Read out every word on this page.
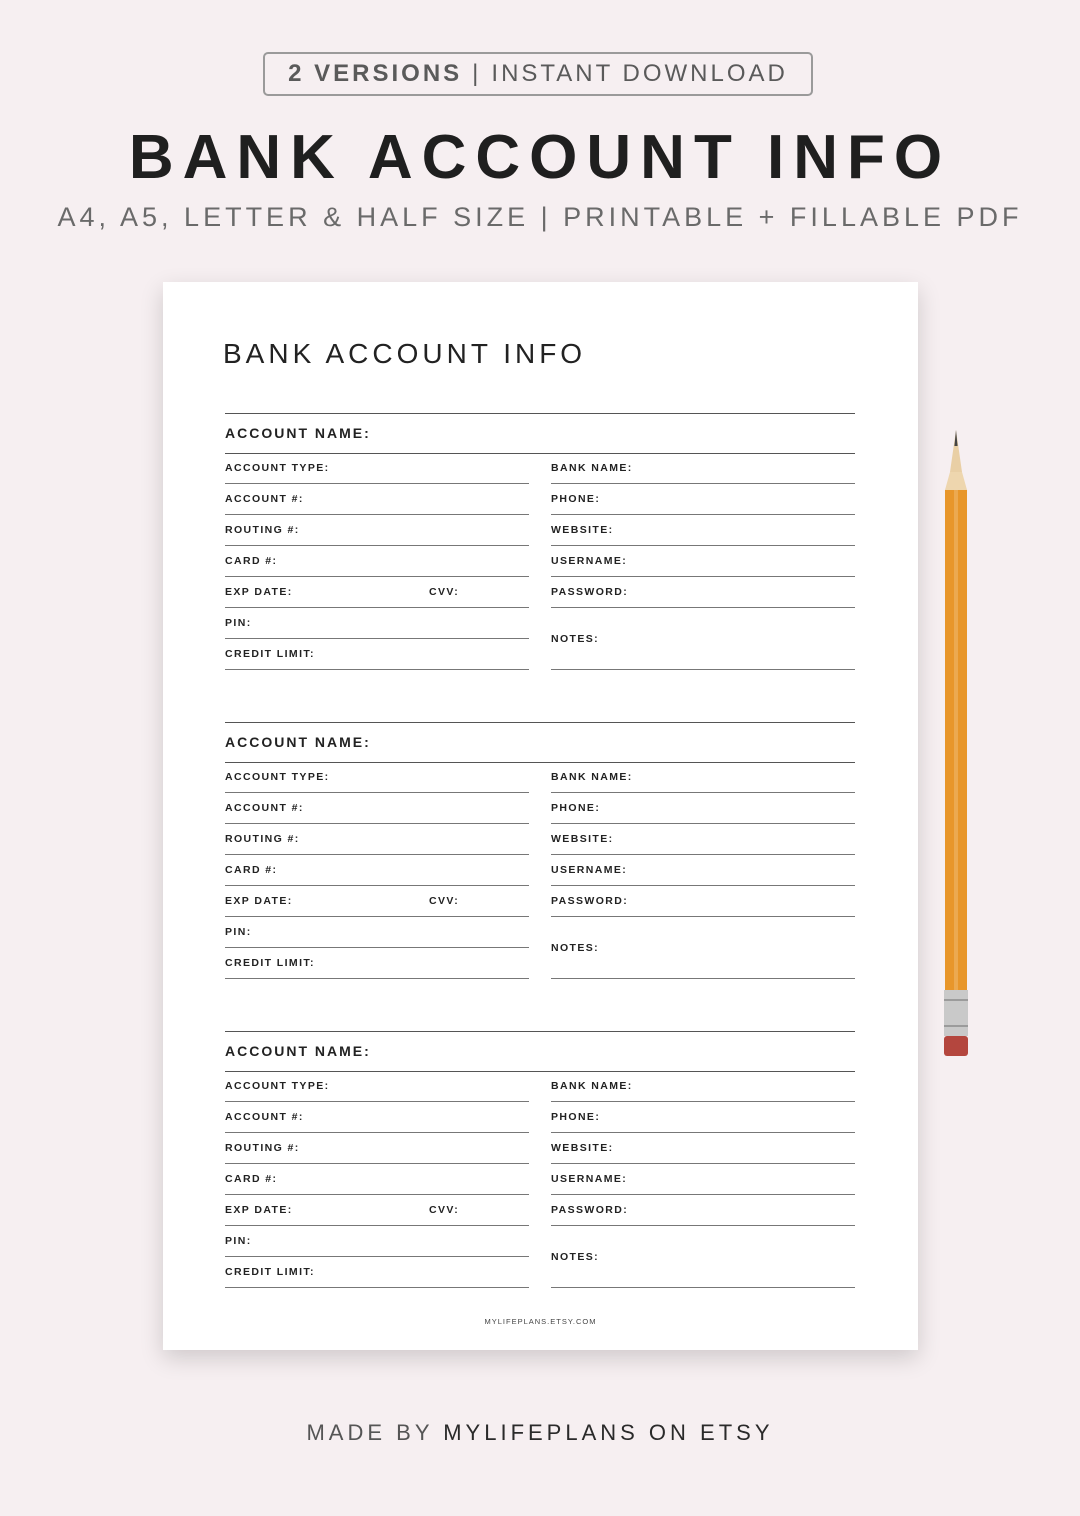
2 VERSIONS | INSTANT DOWNLOAD
BANK ACCOUNT INFO
A4, A5, LETTER & HALF SIZE | PRINTABLE + FILLABLE PDF
BANK ACCOUNT INFO
ACCOUNT NAME:
ACCOUNT TYPE:
ACCOUNT #:
ROUTING #:
CARD #:
EXP DATE:	CVV:
PIN:
CREDIT LIMIT:
BANK NAME:
PHONE:
WEBSITE:
USERNAME:
PASSWORD:
NOTES:
ACCOUNT NAME:
ACCOUNT TYPE:
ACCOUNT #:
ROUTING #:
CARD #:
EXP DATE:	CVV:
PIN:
CREDIT LIMIT:
BANK NAME:
PHONE:
WEBSITE:
USERNAME:
PASSWORD:
NOTES:
ACCOUNT NAME:
ACCOUNT TYPE:
ACCOUNT #:
ROUTING #:
CARD #:
EXP DATE:	CVV:
PIN:
CREDIT LIMIT:
BANK NAME:
PHONE:
WEBSITE:
USERNAME:
PASSWORD:
NOTES:
MYLIFEPLANS.ETSY.COM
MADE BY MYLIFEPLANS ON ETSY
